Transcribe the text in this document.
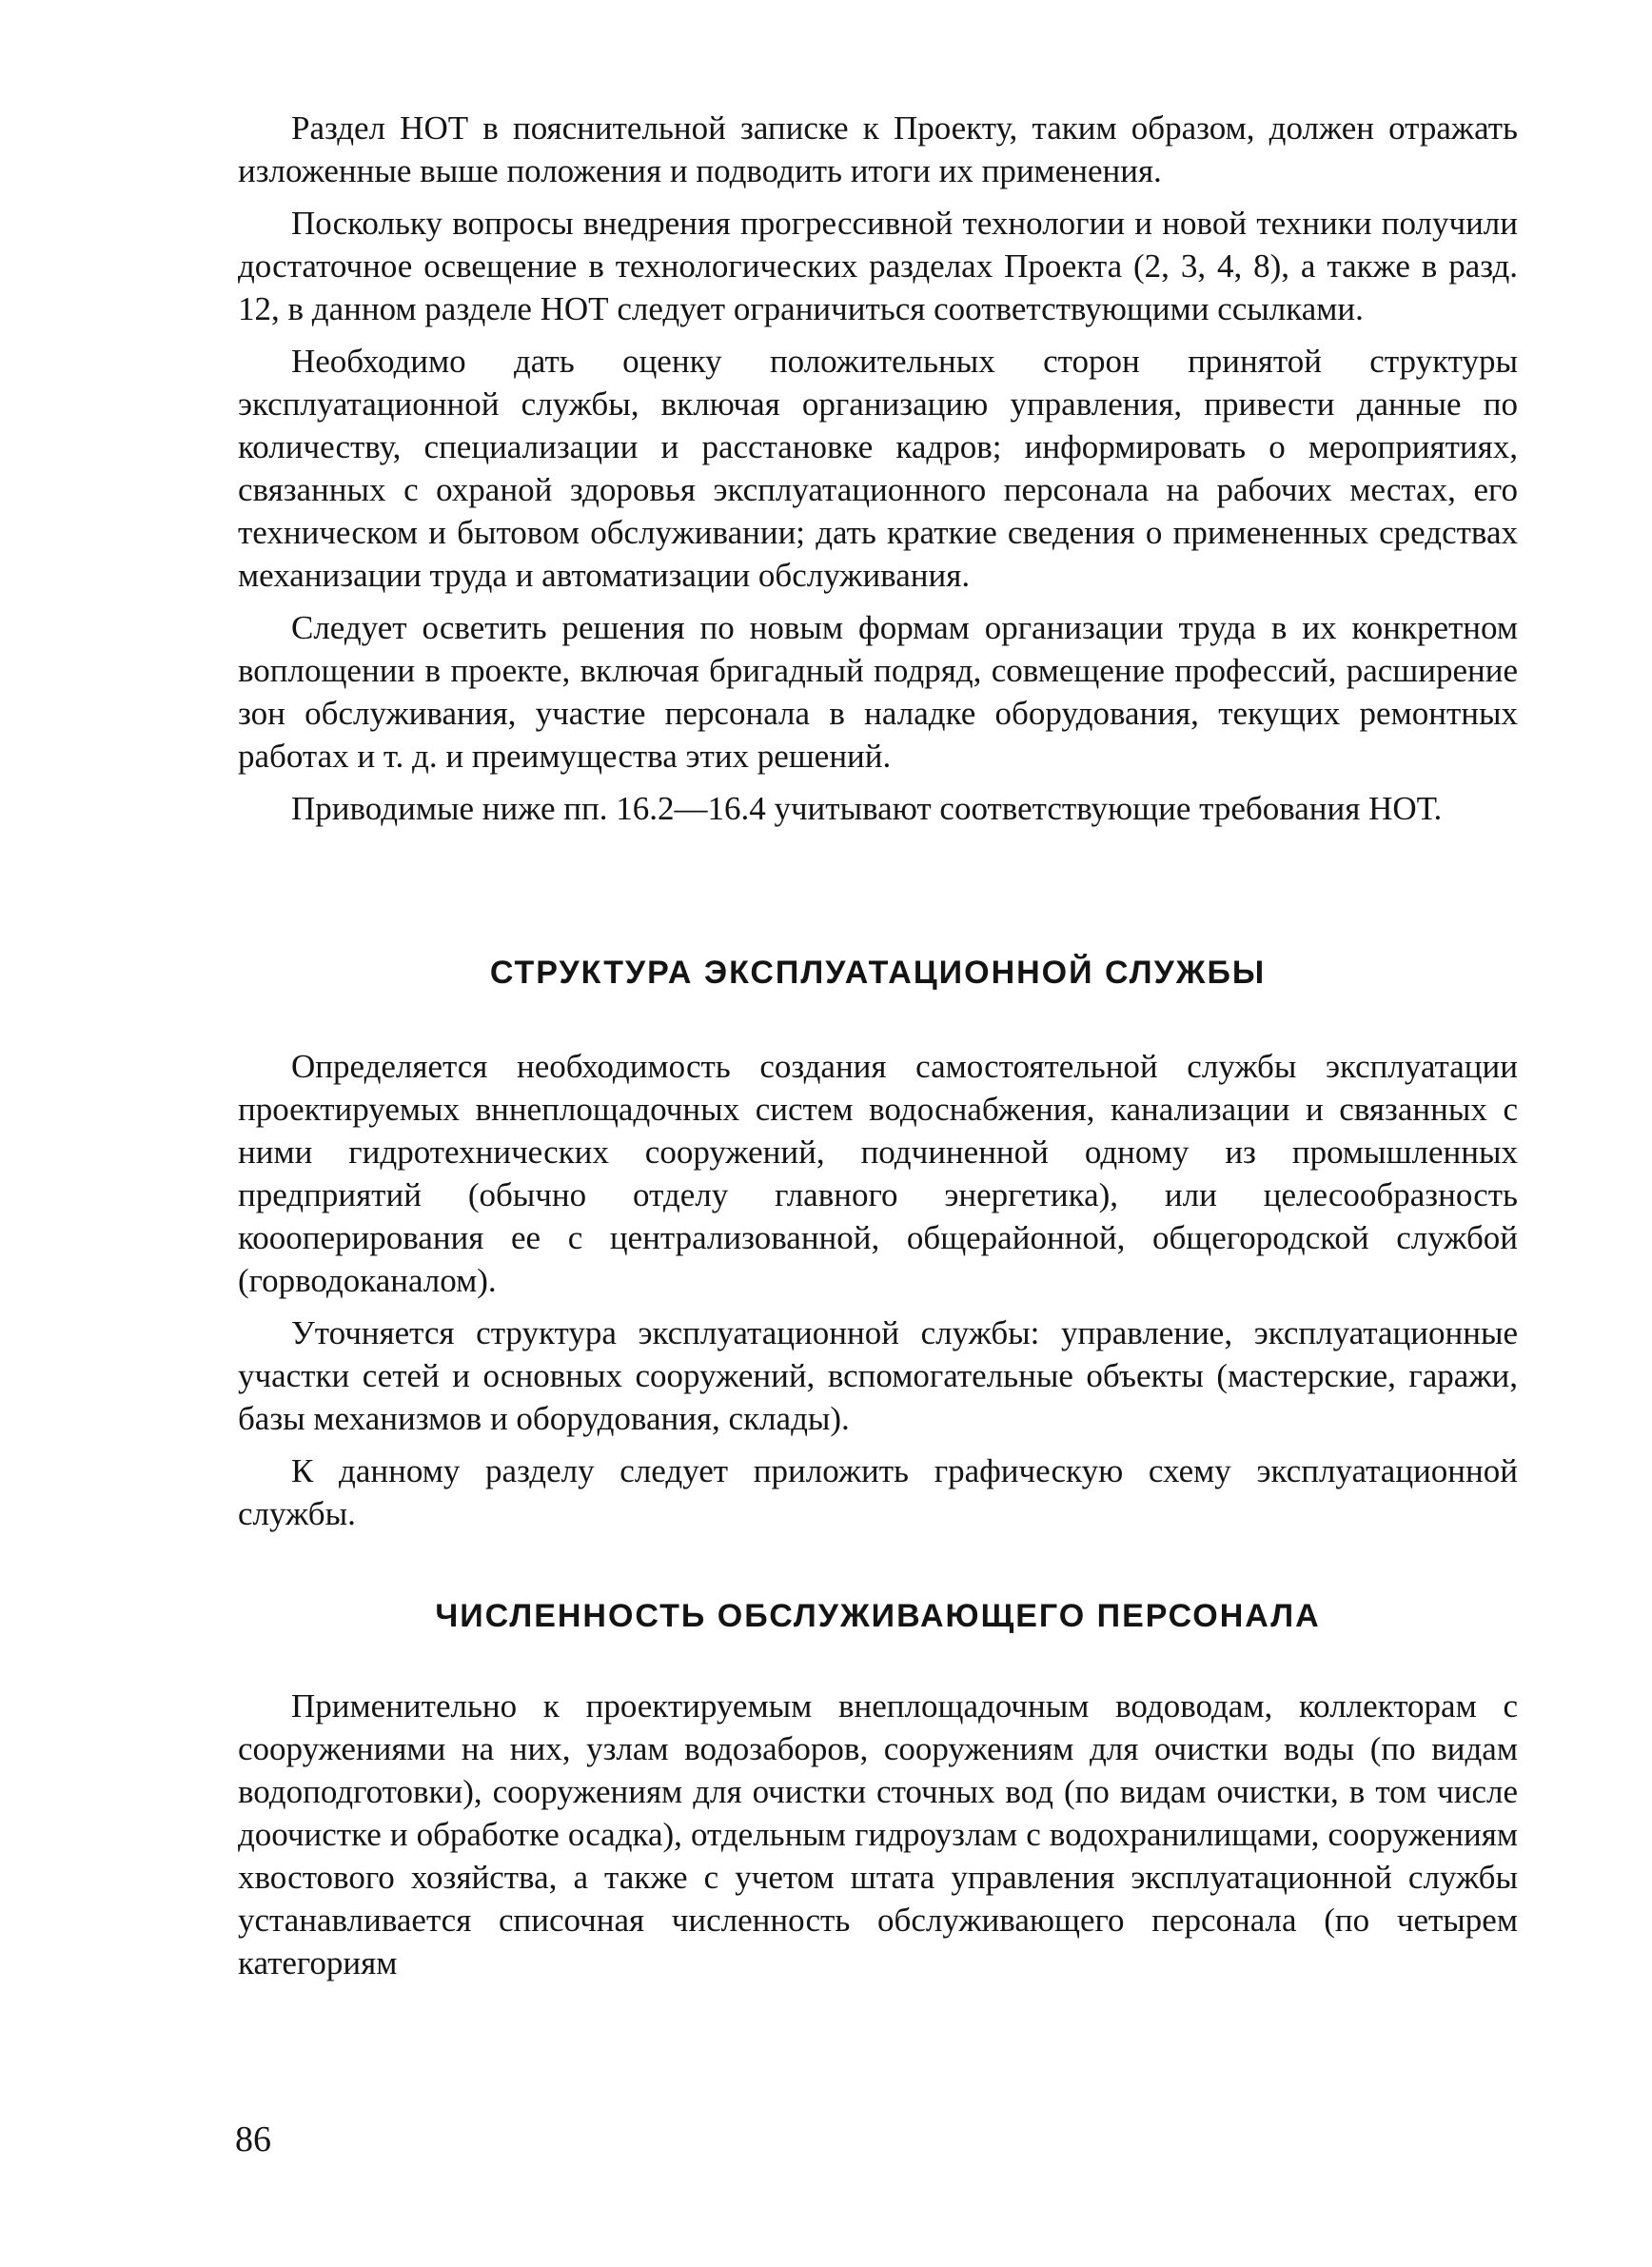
Раздел НОТ в пояснительной записке к Проекту, таким образом, должен отражать изложенные выше положения и подводить итоги их применения.

Поскольку вопросы внедрения прогрессивной технологии и новой техники получили достаточное освещение в технологических разделах Проекта (2, 3, 4, 8), а также в разд. 12, в данном разделе НОТ следует ограничиться соответствующими ссылками.

Необходимо дать оценку положительных сторон принятой структуры эксплуатационной службы, включая организацию управления, привести данные по количеству, специализации и расстановке кадров; информировать о мероприятиях, связанных с охраной здоровья эксплуатационного персонала на рабочих местах, его техническом и бытовом обслуживании; дать краткие сведения о примененных средствах механизации труда и автоматизации обслуживания.

Следует осветить решения по новым формам организации труда в их конкретном воплощении в проекте, включая бригадный подряд, совмещение профессий, расширение зон обслуживания, участие персонала в наладке оборудования, текущих ремонтных работах и т. д. и преимущества этих решений.

Приводимые ниже пп. 16.2—16.4 учитывают соответствующие требования НОТ.

СТРУКТУРА ЭКСПЛУАТАЦИОННОЙ СЛУЖБЫ

Определяется необходимость создания самостоятельной службы эксплуатации проектируемых вннеплощадочных систем водоснабжения, канализации и связанных с ними гидротехнических сооружений, подчиненной одному из промышленных предприятий (обычно отделу главного энергетика), или целесообразность коооперирования ее с централизованной, общерайонной, общегородской службой (горводоканалом).

Уточняется структура эксплуатационной службы: управление, эксплуатационные участки сетей и основных сооружений, вспомогательные объекты (мастерские, гаражи, базы механизмов и оборудования, склады).

К данному разделу следует приложить графическую схему эксплуатационной службы.

ЧИСЛЕННОСТЬ ОБСЛУЖИВАЮЩЕГО ПЕРСОНАЛА

Применительно к проектируемым внеплощадочным водоводам, коллекторам с сооружениями на них, узлам водозаборов, сооружениям для очистки воды (по видам водоподготовки), сооружениям для очистки сточных вод (по видам очистки, в том числе доочистке и обработке осадка), отдельным гидроузлам с водохранилищами, сооружениям хвостового хозяйства, а также с учетом штата управления эксплуатационной службы устанавливается списочная численность обслуживающего персонала (по четырем категориям

86
